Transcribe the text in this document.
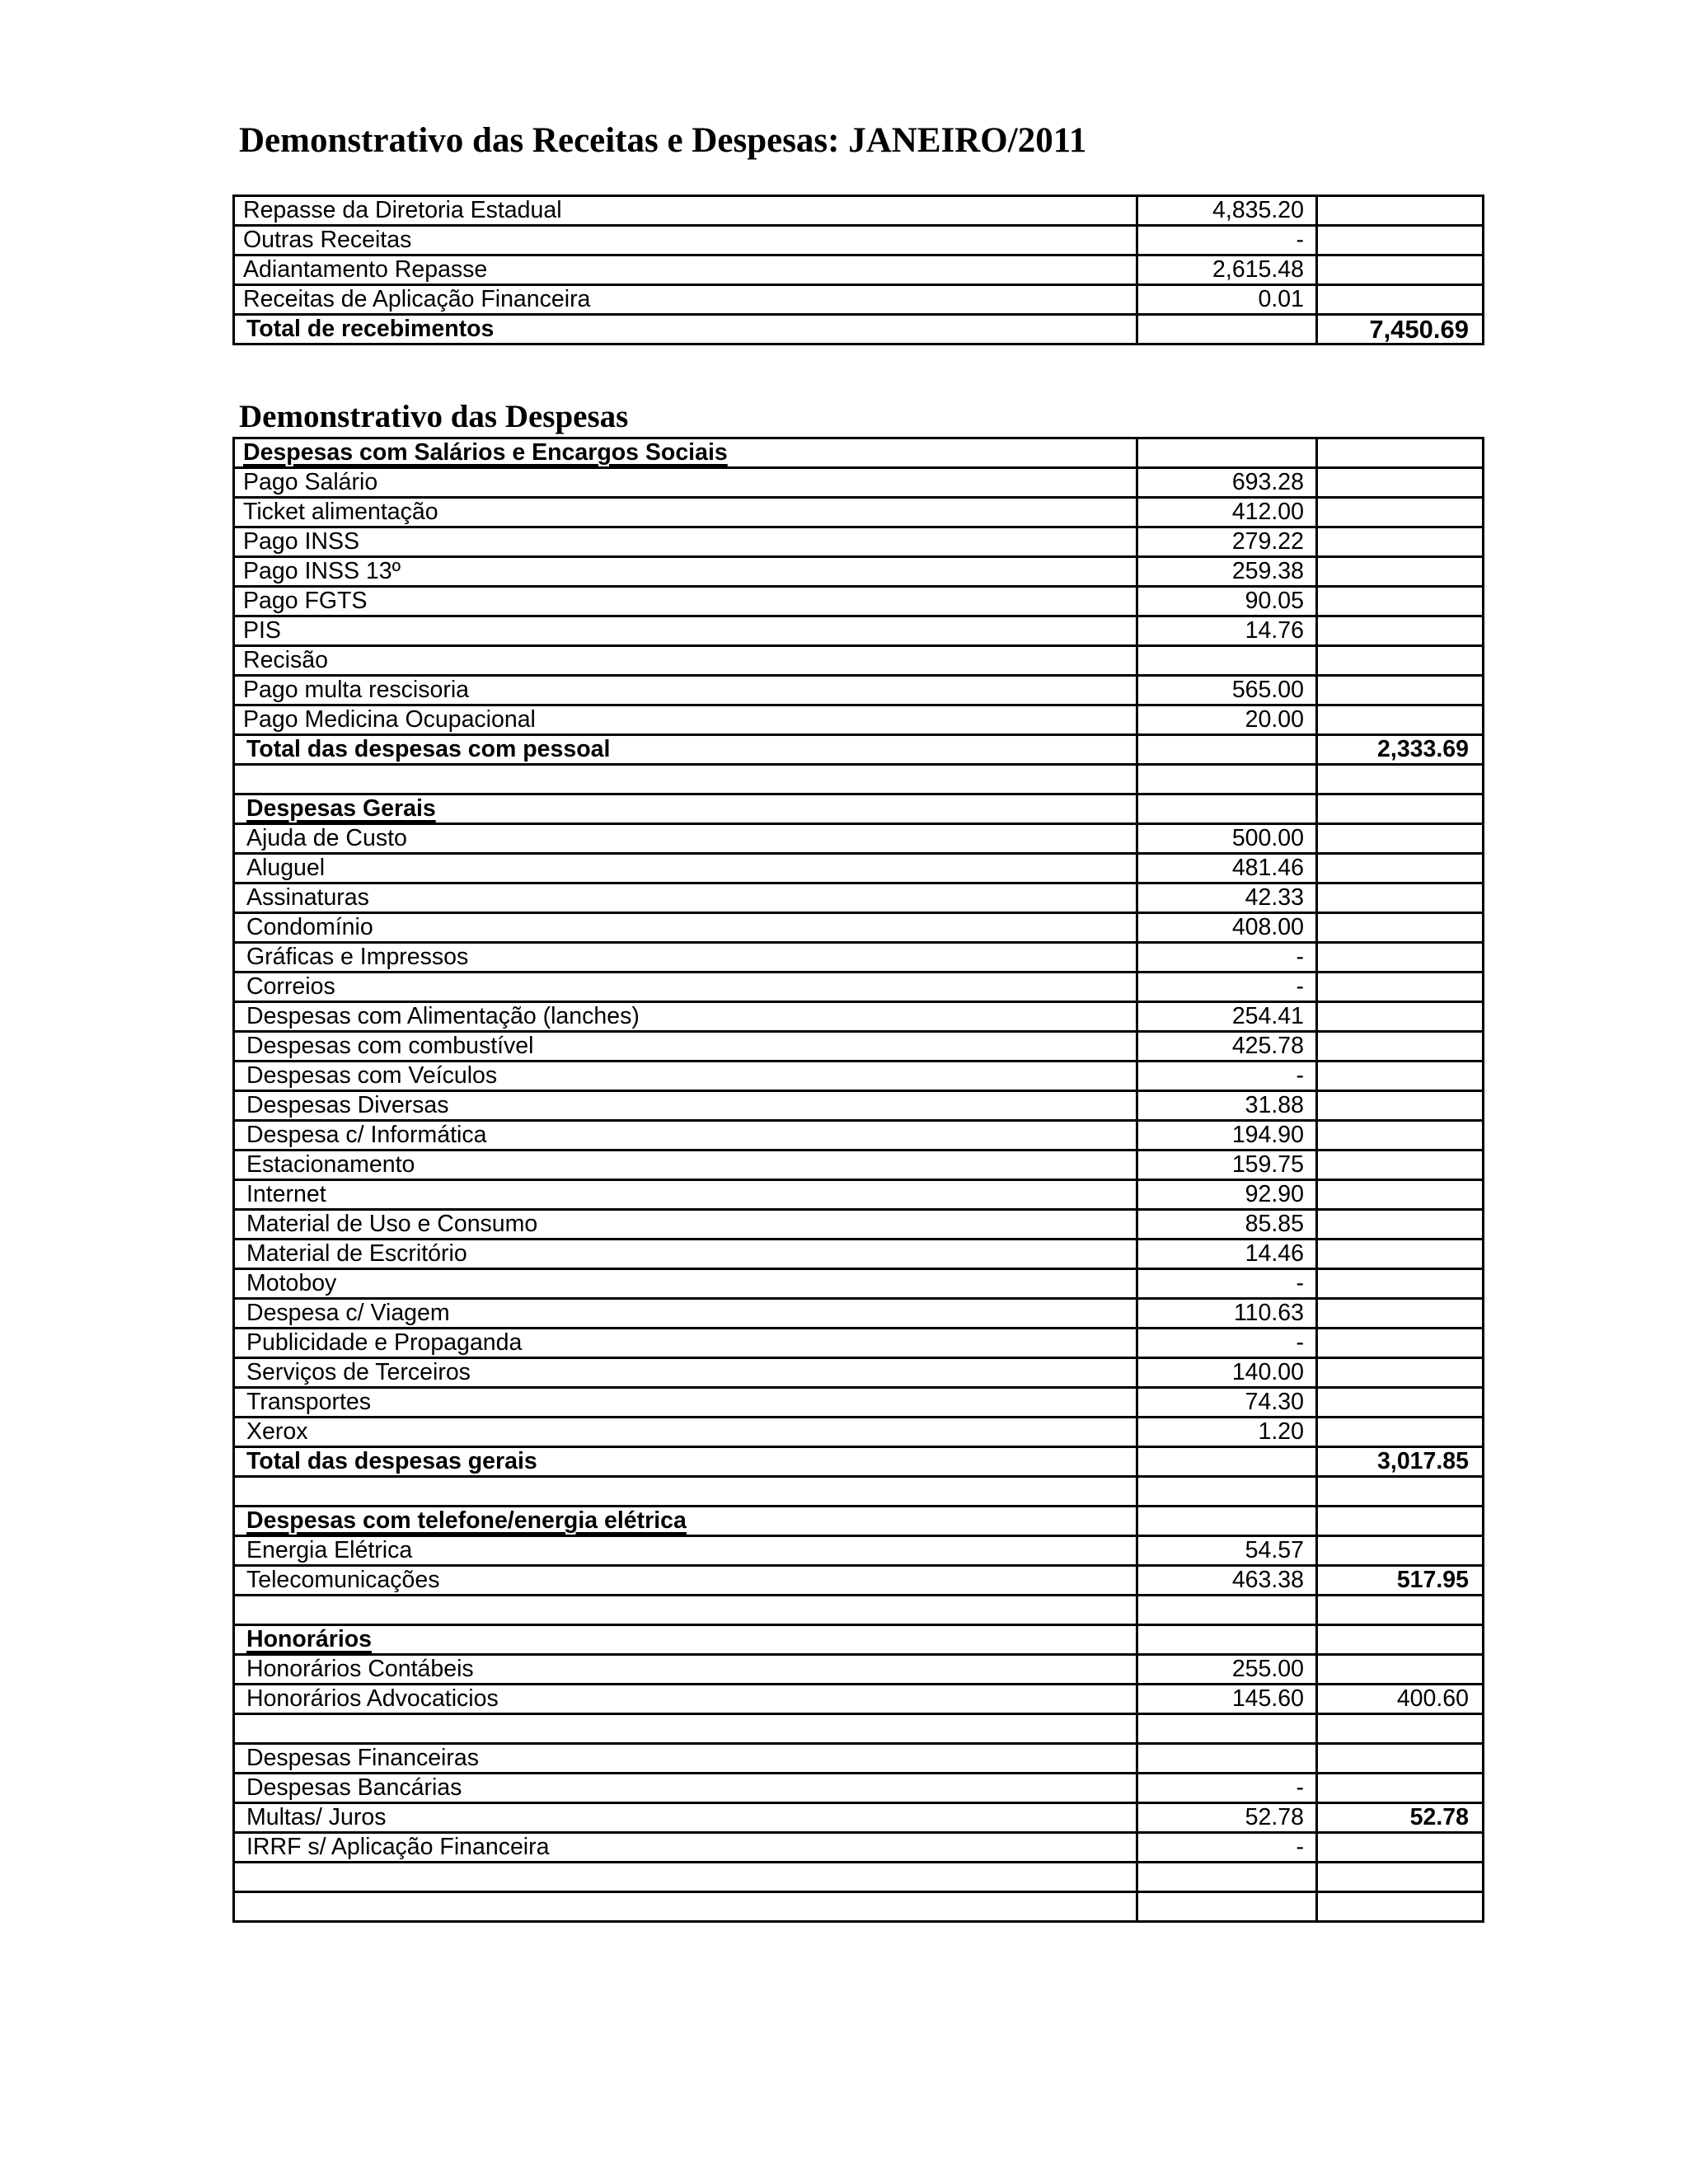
Demonstrativo das Receitas e Despesas: JANEIRO/2011
Repasse da Diretoria Estadual	4,835.20	
Outras Receitas	-	
Adiantamento Repasse	2,615.48	
Receitas de Aplicação Financeira	0.01	
Total de recebimentos		7,450.69
Demonstrativo das Despesas
Despesas com Salários e Encargos Sociais		
Pago Salário	693.28	
Ticket alimentação	412.00	
Pago INSS	279.22	
Pago INSS 13º	259.38	
Pago FGTS	90.05	
PIS	14.76	
Recisão		
Pago multa rescisoria	565.00	
Pago Medicina Ocupacional	20.00	
Total das despesas com pessoal		2,333.69

Despesas Gerais		
Ajuda de Custo	500.00	
Aluguel	481.46	
Assinaturas	42.33	
Condomínio	408.00	
Gráficas e Impressos	-	
Correios	-	
Despesas com Alimentação (lanches)	254.41	
Despesas com combustível	425.78	
Despesas com Veículos	-	
Despesas Diversas	31.88	
Despesa c/ Informática	194.90	
Estacionamento	159.75	
Internet	92.90	
Material de Uso e Consumo	85.85	
Material de Escritório	14.46	
Motoboy	-	
Despesa c/ Viagem	110.63	
Publicidade e Propaganda	-	
Serviços de Terceiros	140.00	
Transportes	74.30	
Xerox	1.20	
Total das despesas gerais		3,017.85

Despesas com telefone/energia elétrica		
Energia Elétrica	54.57	
Telecomunicações	463.38	517.95

Honorários		
Honorários Contábeis	255.00	
Honorários Advocaticios	145.60	400.60

Despesas Financeiras		
Despesas Bancárias	-	
Multas/ Juros	52.78	52.78
IRRF s/ Aplicação Financeira	-	
